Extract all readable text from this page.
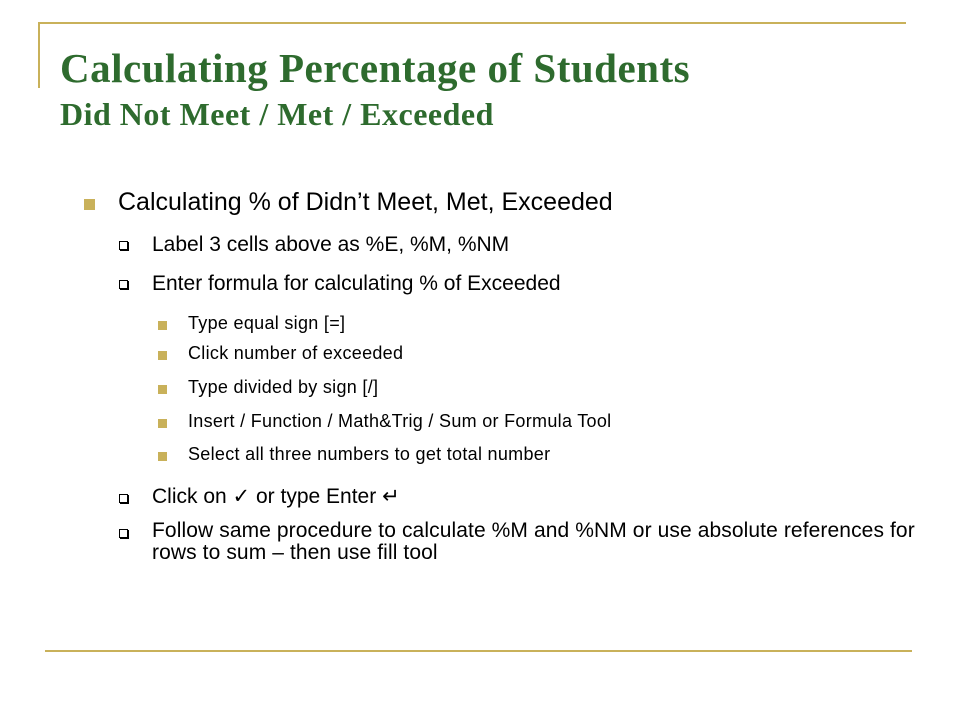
Calculating Percentage of Students
Did Not Meet / Met / Exceeded
Calculating % of Didn’t Meet, Met, Exceeded
Label 3 cells above as %E, %M, %NM
Enter formula for calculating % of Exceeded
Type equal sign [=]
Click number of exceeded
Type divided by sign [/]
Insert / Function / Math&Trig / Sum or Formula Tool
Select all three numbers to get total number
Click on ✓ or type Enter ↵
Follow same procedure to calculate %M and %NM or use absolute references for rows to sum – then use fill tool
